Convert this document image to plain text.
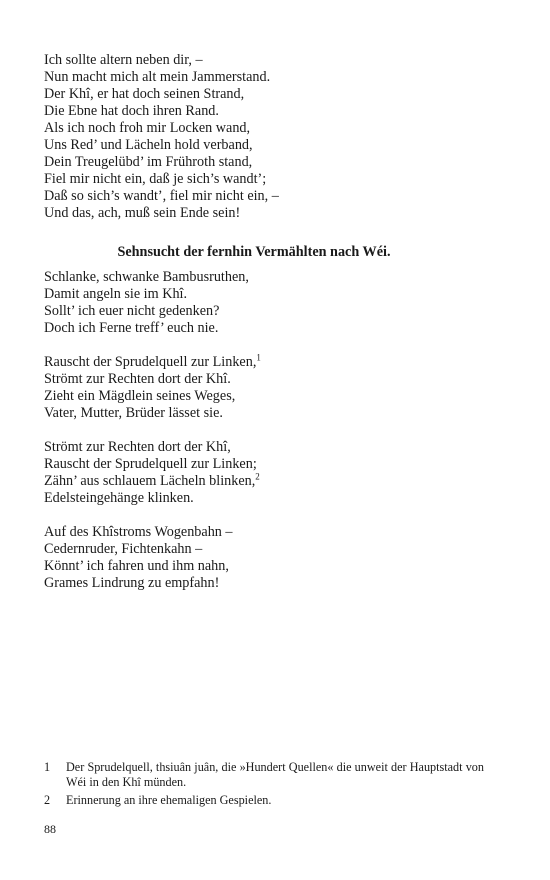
Ich sollte altern neben dir, –
Nun macht mich alt mein Jammerstand.
Der Khî, er hat doch seinen Strand,
Die Ebne hat doch ihren Rand.
Als ich noch froh mir Locken wand,
Uns Red’ und Lächeln hold verband,
Dein Treugelübd’ im Frühroth stand,
Fiel mir nicht ein, daß je sich’s wandt’;
Daß so sich’s wandt’, fiel mir nicht ein, –
Und das, ach, muß sein Ende sein!
Sehnsucht der fernhin Vermählten nach Wéi.
Schlanke, schwanke Bambusruthen,
Damit angeln sie im Khî.
Sollt’ ich euer nicht gedenken?
Doch ich Ferne treff’ euch nie.
Rauscht der Sprudelquell zur Linken,$^1$
Strömt zur Rechten dort der Khî.
Zieht ein Mägdlein seines Weges,
Vater, Mutter, Brüder lässet sie.
Strömt zur Rechten dort der Khî,
Rauscht der Sprudelquell zur Linken;
Zähn’ aus schlauem Lächeln blinken,$^2$
Edelsteingehänge klinken.
Auf des Khîstroms Wogenbahn –
Cedernruder, Fichtenkahn –
Könnt’ ich fahren und ihm nahn,
Grames Lindrung zu empfahn!
1	Der Sprudelquell, thsiuân juân, die »Hundert Quellen« die unweit der Hauptstadt von Wéi in den Khî münden.
2	Erinnerung an ihre ehemaligen Gespielen.
88
